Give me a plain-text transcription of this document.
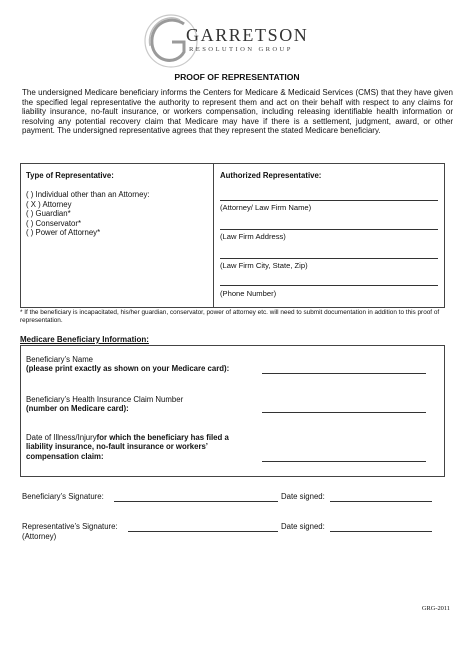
GARRETSON
RESOLUTION GROUP
PROOF OF REPRESENTATION

The undersigned Medicare beneficiary informs the Centers for Medicare & Medicaid Services (CMS) that they have given the specified legal representative the authority to represent them and act on their behalf with respect to any claims for liability insurance, no-fault insurance, or workers compensation, including releasing identifiable health information or resolving any potential recovery claim that Medicare may have if there is a settlement, judgment, award, or other payment. The undersigned representative agrees that they represent the stated Medicare beneficiary.

Type of Representative:
( ) Individual other than an Attorney:
( X ) Attorney
( ) Guardian*
( ) Conservator*
( ) Power of Attorney*
Authorized Representative:
(Attorney/ Law Firm Name)
(Law Firm Address)
(Law Firm City, State, Zip)
(Phone Number)

* If the beneficiary is incapacitated, his/her guardian, conservator, power of attorney etc. will need to submit documentation in addition to this proof of representation.

Medicare Beneficiary Information:
Beneficiary’s Name
(please print exactly as shown on your Medicare card):
Beneficiary’s Health Insurance Claim Number
(number on Medicare card):
Date of Illness/Injuryfor which the beneficiary has filed a
liability insurance, no-fault insurance or workers’
compensation claim:
Beneficiary’s Signature:	Date signed:
Representative’s Signature:	Date signed:
(Attorney)
GRG-2011
